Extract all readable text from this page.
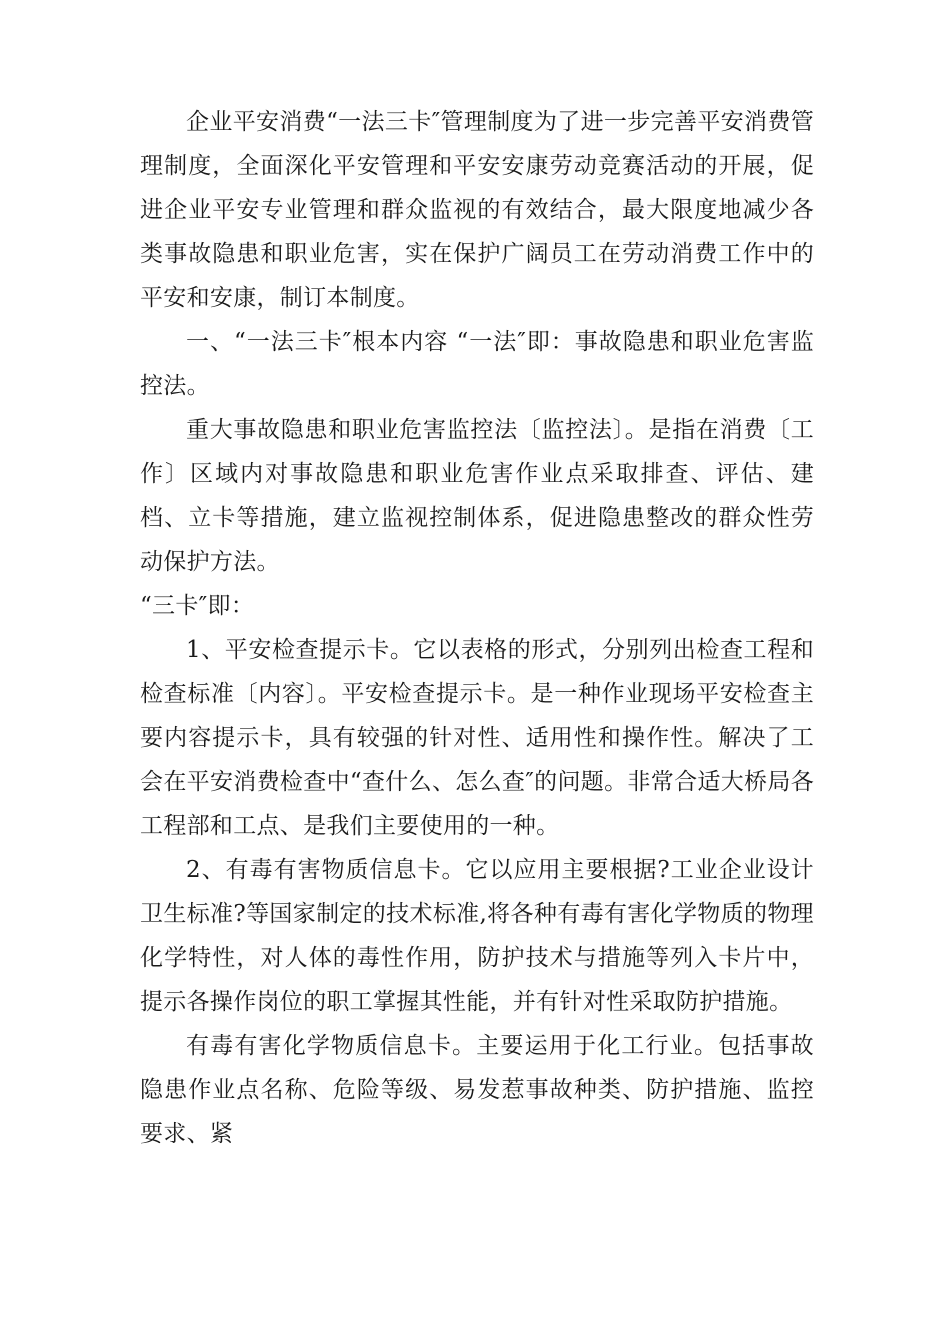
企业平安消费“一法三卡″管理制度为了进一步完善平安消费管理制度，全面深化平安管理和平安安康劳动竞赛活动的开展，促进企业平安专业管理和群众监视的有效结合，最大限度地减少各类事故隐患和职业危害，实在保护广阔员工在劳动消费工作中的平安和安康，制订本制度。

一、“一法三卡″根本内容 “一法″即：事故隐患和职业危害监控法。

重大事故隐患和职业危害监控法〔监控法〕。是指在消费〔工作〕区域内对事故隐患和职业危害作业点采取排查、评估、建档、立卡等措施，建立监视控制体系，促进隐患整改的群众性劳动保护方法。

“三卡″即：

1、平安检查提示卡。它以表格的形式，分别列出检查工程和检查标准〔内容〕。平安检查提示卡。是一种作业现场平安检查主要内容提示卡，具有较强的针对性、适用性和操作性。解决了工会在平安消费检查中“查什么、怎么查″的问题。非常合适大桥局各工程部和工点、是我们主要使用的一种。

2、有毒有害物质信息卡。它以应用主要根据?工业企业设计卫生标准?等国家制定的技术标准,将各种有毒有害化学物质的物理化学特性，对人体的毒性作用，防护技术与措施等列入卡片中，提示各操作岗位的职工掌握其性能，并有针对性采取防护措施。

有毒有害化学物质信息卡。主要运用于化工行业。包括事故隐患作业点名称、危险等级、易发惹事故种类、防护措施、监控要求、紧
